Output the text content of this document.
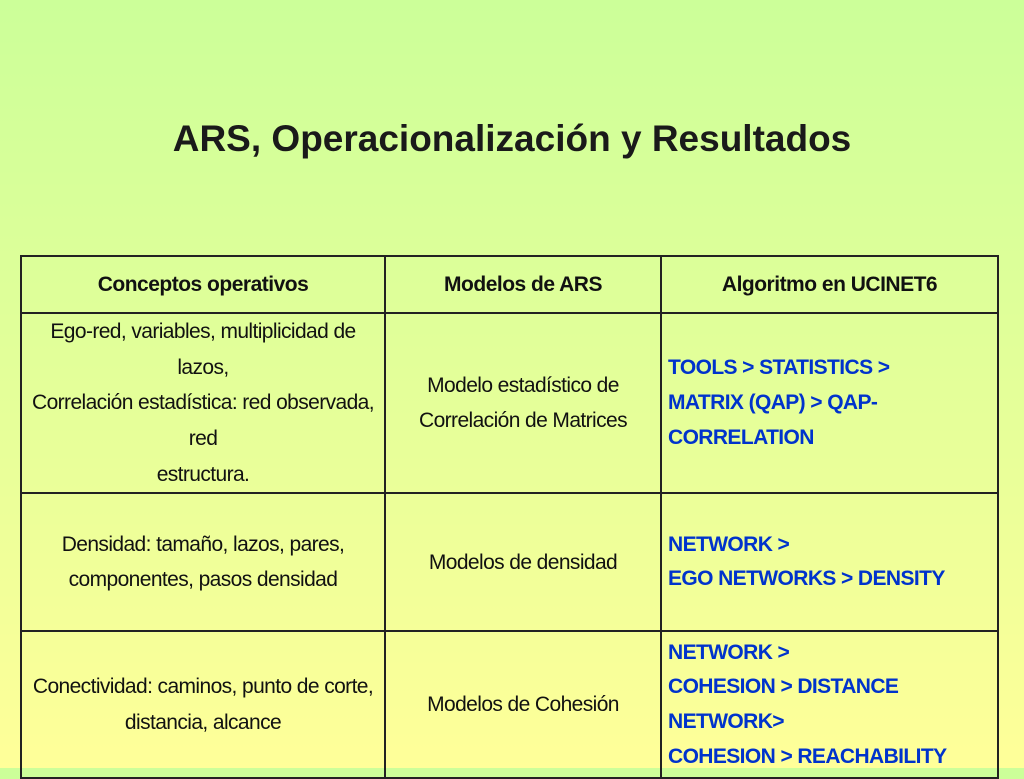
ARS, Operacionalización y Resultados
Conceptos operativos	Modelos de ARS	Algoritmo en UCINET6

Ego-red, variables, multiplicidad de lazos,
Correlación estadística: red observada, red
estructura.	Modelo estadístico de
Correlación de Matrices	TOOLS > STATISTICS >
MATRIX (QAP) > QAP-CORRELATION

Densidad: tamaño, lazos, pares,
componentes, pasos densidad	Modelos de densidad	NETWORK >
EGO NETWORKS > DENSITY

Conectividad: caminos, punto de corte,
distancia, alcance	Modelos de Cohesión	NETWORK >
COHESION > DISTANCE NETWORK>
COHESION > REACHABILITY
